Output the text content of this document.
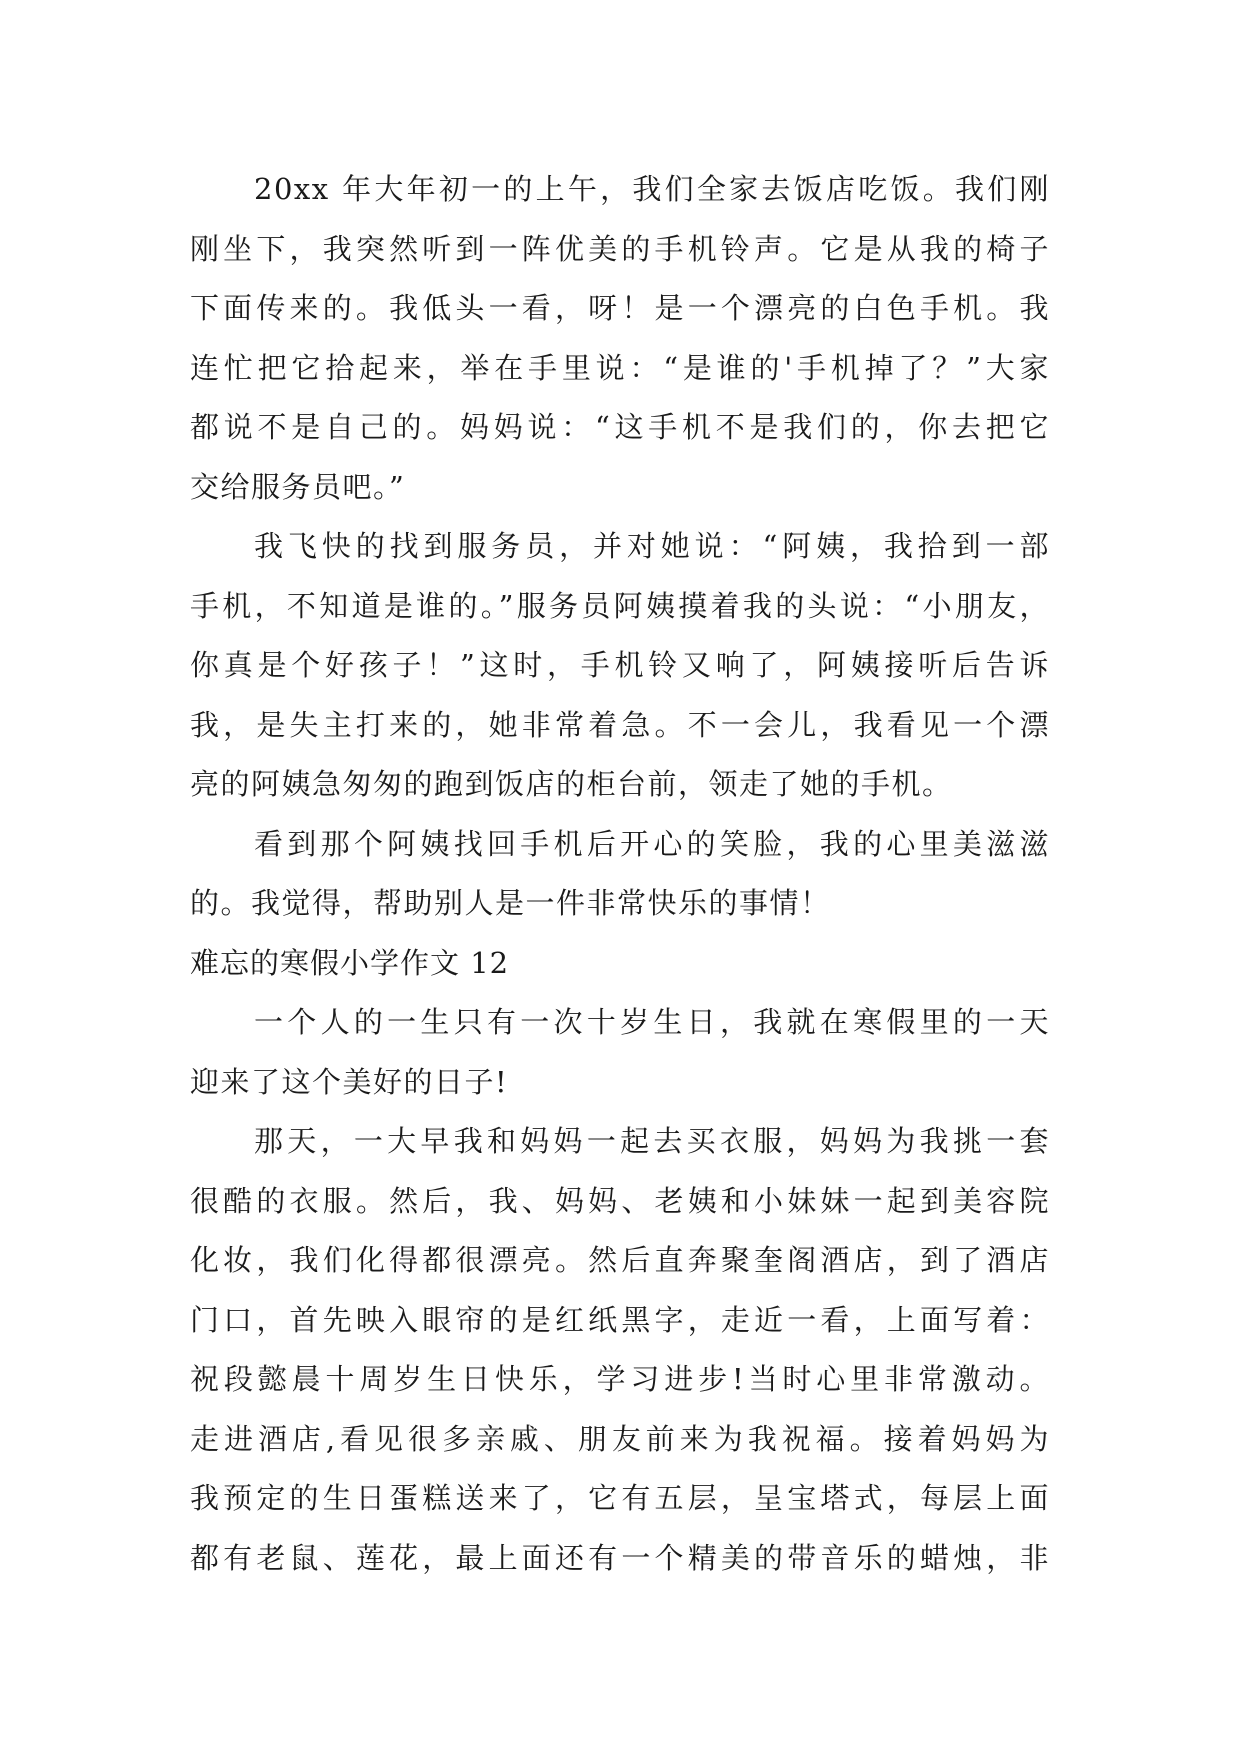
20xx 年大年初一的上午，我们全家去饭店吃饭。我们刚
刚坐下，我突然听到一阵优美的手机铃声。它是从我的椅子
下面传来的。我低头一看，呀！是一个漂亮的白色手机。我
连忙把它拾起来，举在手里说：“是谁的'手机掉了？”大家
都说不是自己的。妈妈说：“这手机不是我们的，你去把它
交给服务员吧。”

我飞快的找到服务员，并对她说：“阿姨，我拾到一部
手机，不知道是谁的。”服务员阿姨摸着我的头说：“小朋友，
你真是个好孩子！”这时，手机铃又响了，阿姨接听后告诉
我，是失主打来的，她非常着急。不一会儿，我看见一个漂
亮的阿姨急匆匆的跑到饭店的柜台前，领走了她的手机。

看到那个阿姨找回手机后开心的笑脸，我的心里美滋滋
的。我觉得，帮助别人是一件非常快乐的事情！

难忘的寒假小学作文 12

一个人的一生只有一次十岁生日，我就在寒假里的一天
迎来了这个美好的日子!

那天，一大早我和妈妈一起去买衣服，妈妈为我挑一套
很酷的衣服。然后，我、妈妈、老姨和小妹妹一起到美容院
化妆，我们化得都很漂亮。然后直奔聚奎阁酒店，到了酒店
门口，首先映入眼帘的是红纸黑字，走近一看，上面写着：
祝段懿晨十周岁生日快乐，学习进步!当时心里非常激动。
走进酒店,看见很多亲戚、朋友前来为我祝福。接着妈妈为
我预定的生日蛋糕送来了，它有五层，呈宝塔式，每层上面
都有老鼠、莲花，最上面还有一个精美的带音乐的蜡烛，非
